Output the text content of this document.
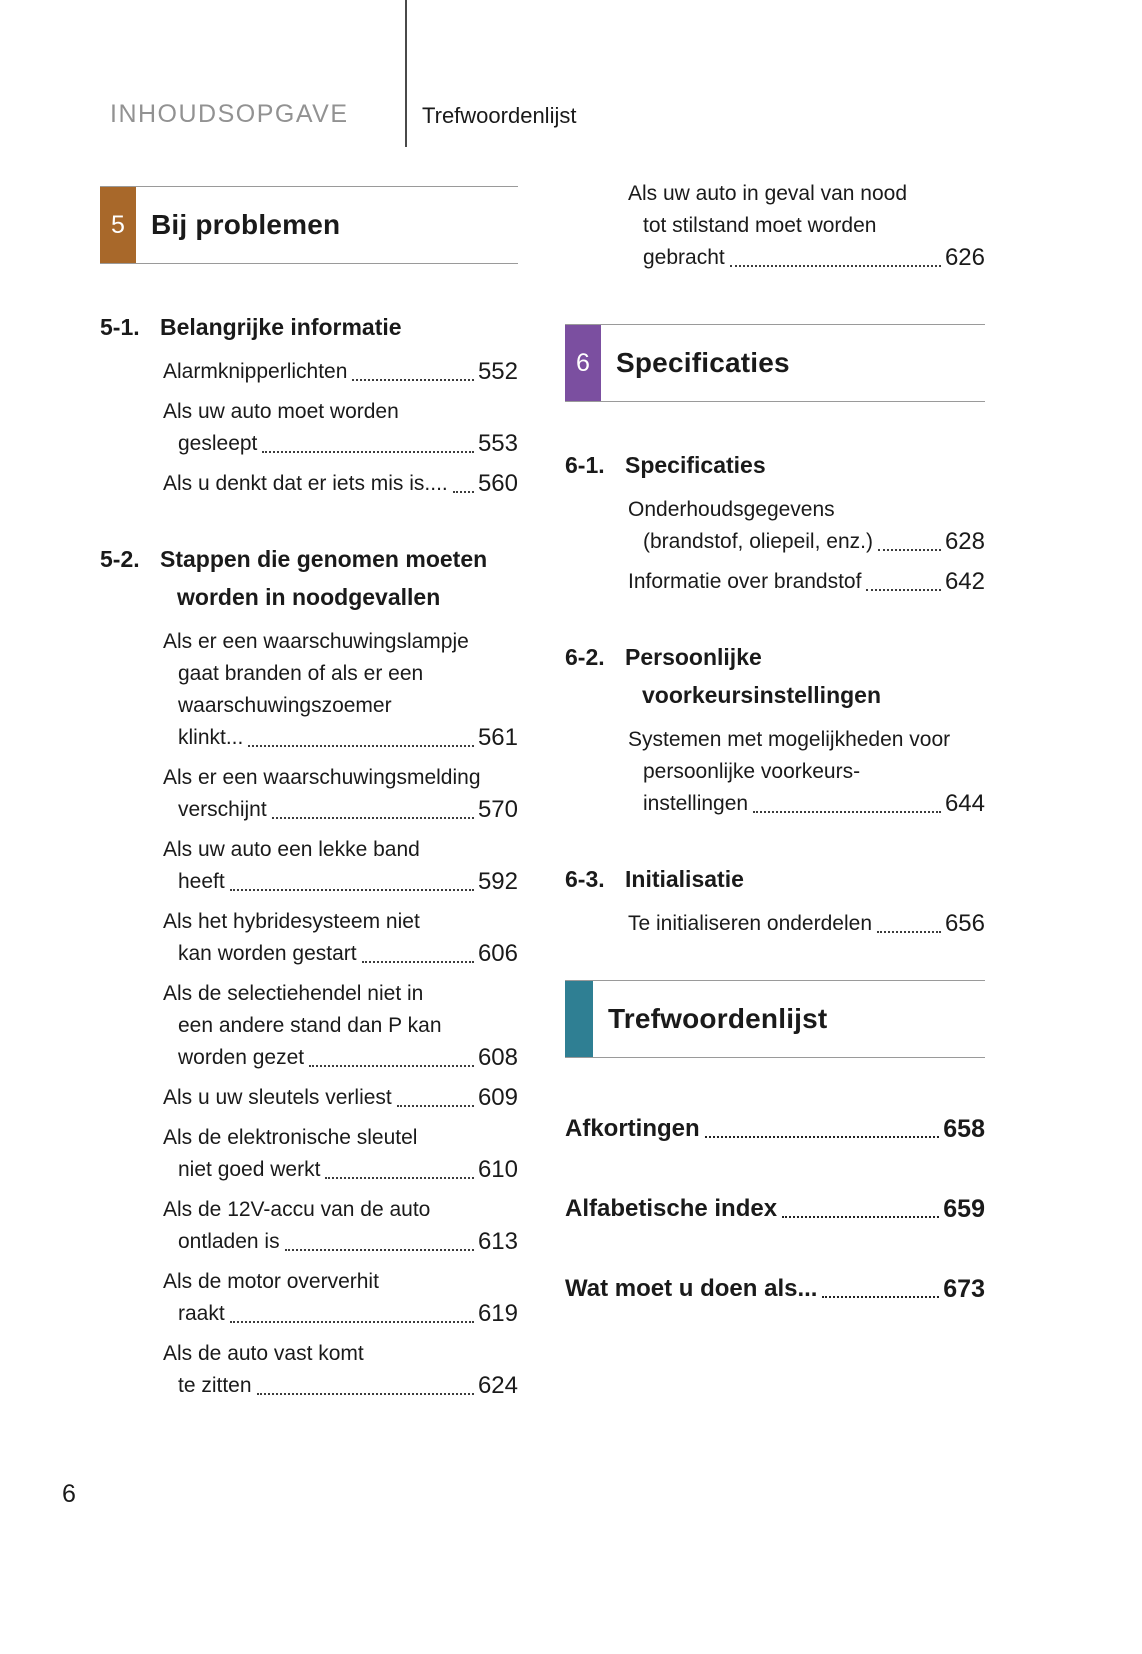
INHOUDSOPGAVE	Trefwoordenlijst
5 Bij problemen
5-1. Belangrijke informatie
Alarmknipperlichten	552
Als uw auto moet worden
gesleept	553
Als u denkt dat er iets mis is.... 560
5-2. Stappen die genomen moeten
worden in noodgevallen
Als er een waarschuwingslampje
gaat branden of als er een
waarschuwingszoemer
klinkt...	561
Als er een waarschuwingsmelding
verschijnt	570
Als uw auto een lekke band
heeft	592
Als het hybridesysteem niet
kan worden gestart	606
Als de selectiehendel niet in
een andere stand dan P kan
worden gezet	608
Als u uw sleutels verliest	609
Als de elektronische sleutel
niet goed werkt	610
Als de 12V-accu van de auto
ontladen is	613
Als de motor oververhit
raakt	619
Als de auto vast komt
te zitten	624
Als uw auto in geval van nood
tot stilstand moet worden
gebracht	626
6 Specificaties
6-1. Specificaties
Onderhoudsgegevens
(brandstof, oliepeil, enz.)	628
Informatie over brandstof	642
6-2. Persoonlijke
voorkeursinstellingen
Systemen met mogelijkheden voor
persoonlijke voorkeurs-
instellingen	644
6-3. Initialisatie
Te initialiseren onderdelen	656
Trefwoordenlijst
Afkortingen	658
Alfabetische index	659
Wat moet u doen als...	673
6
